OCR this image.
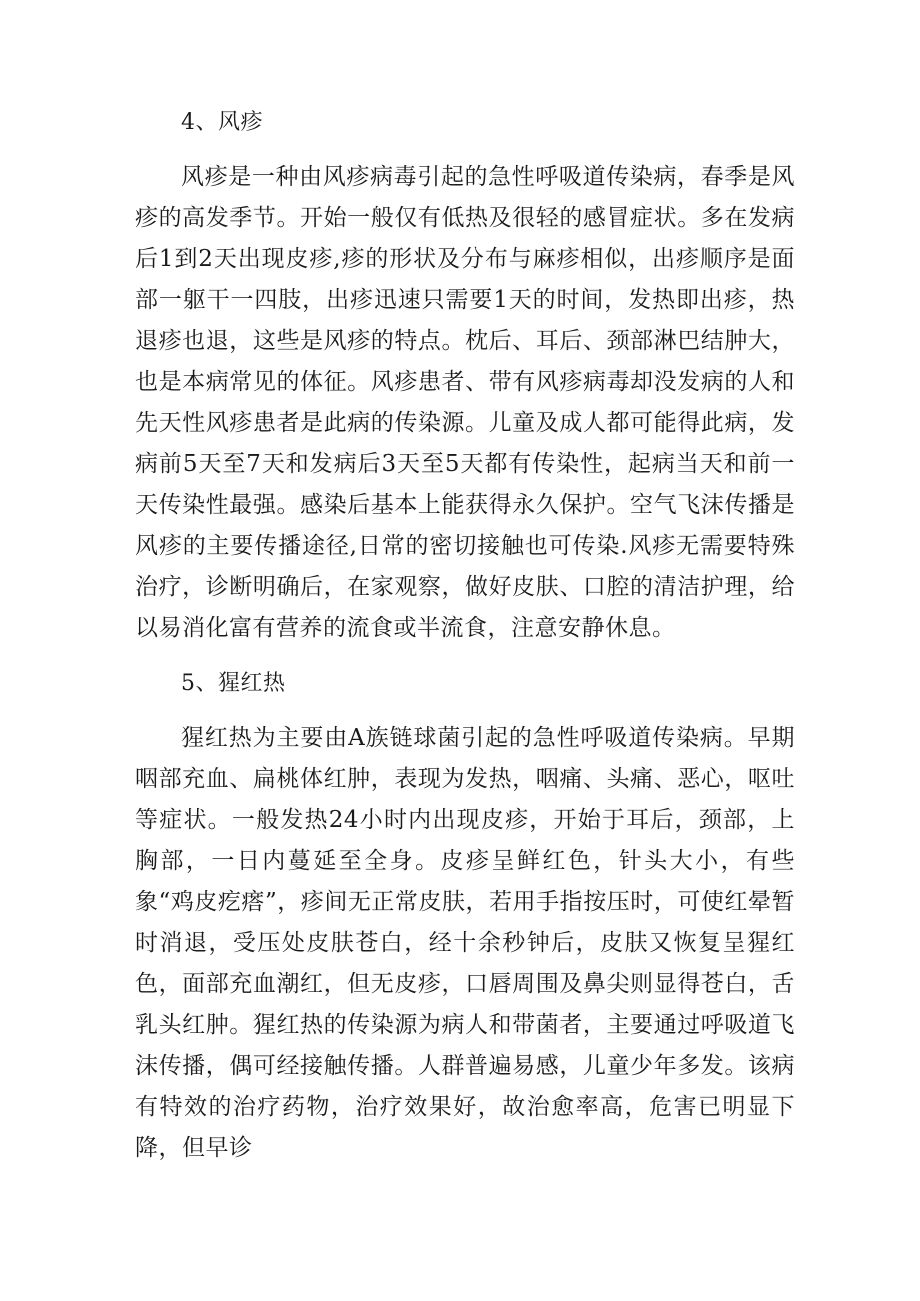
4、风疹

风疹是一种由风疹病毒引起的急性呼吸道传染病，春季是风疹的高发季节。开始一般仅有低热及很轻的感冒症状。多在发病后1到2天出现皮疹,疹的形状及分布与麻疹相似，出疹顺序是面部一躯干一四肢，出疹迅速只需要1天的时间，发热即出疹，热退疹也退，这些是风疹的特点。枕后、耳后、颈部淋巴结肿大，也是本病常见的体征。风疹患者、带有风疹病毒却没发病的人和先天性风疹患者是此病的传染源。儿童及成人都可能得此病，发病前5天至7天和发病后3天至5天都有传染性，起病当天和前一天传染性最强。感染后基本上能获得永久保护。空气飞沫传播是风疹的主要传播途径,日常的密切接触也可传染.风疹无需要特殊治疗，诊断明确后，在家观察，做好皮肤、口腔的清洁护理，给以易消化富有营养的流食或半流食，注意安静休息。

5、猩红热

猩红热为主要由A族链球菌引起的急性呼吸道传染病。早期咽部充血、扁桃体红肿，表现为发热，咽痛、头痛、恶心，呕吐等症状。一般发热24小时内出现皮疹，开始于耳后，颈部，上胸部，一日内蔓延至全身。皮疹呈鲜红色，针头大小，有些象“鸡皮疙瘩”，疹间无正常皮肤，若用手指按压时，可使红晕暂时消退，受压处皮肤苍白，经十余秒钟后，皮肤又恢复呈猩红色，面部充血潮红，但无皮疹，口唇周围及鼻尖则显得苍白，舌乳头红肿。猩红热的传染源为病人和带菌者，主要通过呼吸道飞沫传播，偶可经接触传播。人群普遍易感，儿童少年多发。该病有特效的治疗药物，治疗效果好，故治愈率高，危害已明显下降，但早诊
